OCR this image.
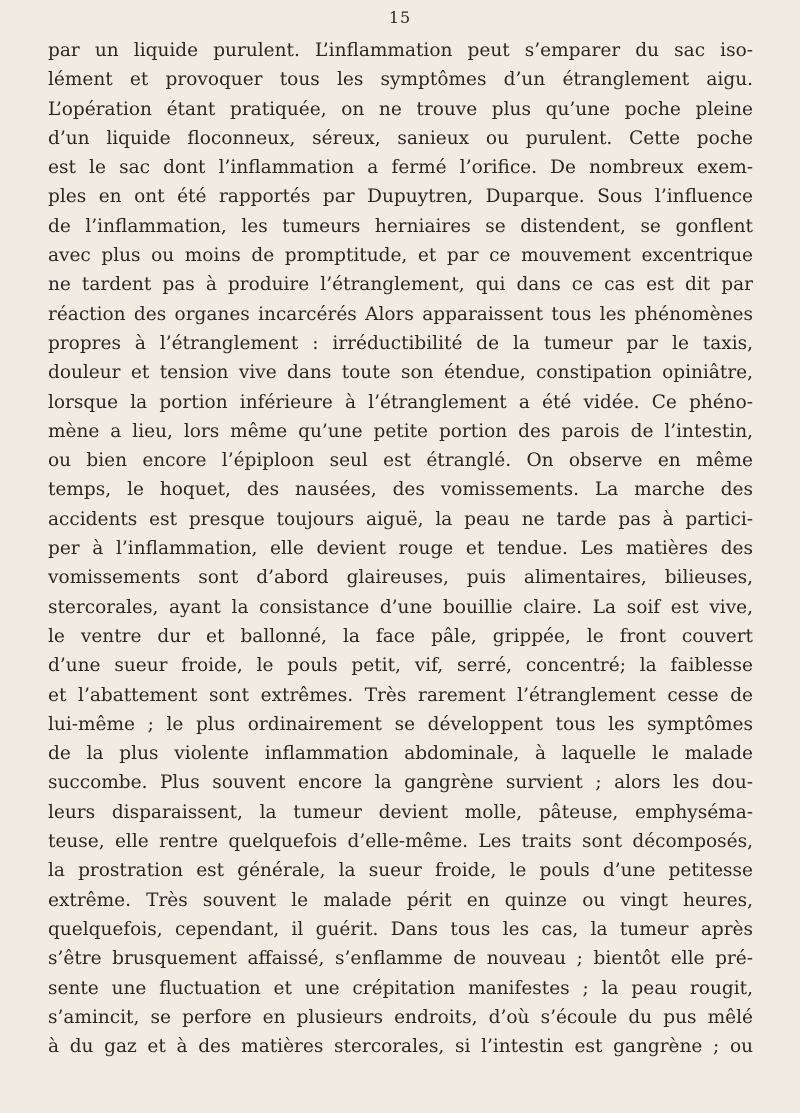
15
par un liquide purulent. L’inflammation peut s’emparer du sac iso-
lément et provoquer tous les symptômes d’un étranglement aigu.
L’opération étant pratiquée, on ne trouve plus qu’une poche pleine
d’un liquide floconneux, séreux, sanieux ou purulent. Cette poche
est le sac dont l’inflammation a fermé l’orifice. De nombreux exem-
ples en ont été rapportés par Dupuytren, Duparque. Sous l’influence
de l’inflammation, les tumeurs herniaires se distendent, se gonflent
avec plus ou moins de promptitude, et par ce mouvement excentrique
ne tardent pas à produire l’étranglement, qui dans ce cas est dit par
réaction des organes incarcérés Alors apparaissent tous les phénomènes
propres à l’étranglement : irréductibilité de la tumeur par le taxis,
douleur et tension vive dans toute son étendue, constipation opiniâtre,
lorsque la portion inférieure à l’étranglement a été vidée. Ce phéno-
mène a lieu, lors même qu’une petite portion des parois de l’intestin,
ou bien encore l’épiploon seul est étranglé. On observe en même
temps, le hoquet, des nausées, des vomissements. La marche des
accidents est presque toujours aiguë, la peau ne tarde pas à partici-
per à l’inflammation, elle devient rouge et tendue. Les matières des
vomissements sont d’abord glaireuses, puis alimentaires, bilieuses,
stercorales, ayant la consistance d’une bouillie claire. La soif est vive,
le ventre dur et ballonné, la face pâle, grippée, le front couvert
d’une sueur froide, le pouls petit, vif, serré, concentré; la faiblesse
et l’abattement sont extrêmes. Très rarement l’étranglement cesse de
lui-même ; le plus ordinairement se développent tous les symptômes
de la plus violente inflammation abdominale, à laquelle le malade
succombe. Plus souvent encore la gangrène survient ; alors les dou-
leurs disparaissent, la tumeur devient molle, pâteuse, emphyséma-
teuse, elle rentre quelquefois d’elle-même. Les traits sont décomposés,
la prostration est générale, la sueur froide, le pouls d’une petitesse
extrême. Très souvent le malade périt en quinze ou vingt heures,
quelquefois, cependant, il guérit. Dans tous les cas, la tumeur après
s’être brusquement affaissé, s’enflamme de nouveau ; bientôt elle pré-
sente une fluctuation et une crépitation manifestes ; la peau rougit,
s’amincit, se perfore en plusieurs endroits, d’où s’écoule du pus mêlé
à du gaz et à des matières stercorales, si l’intestin est gangrène ; ou
